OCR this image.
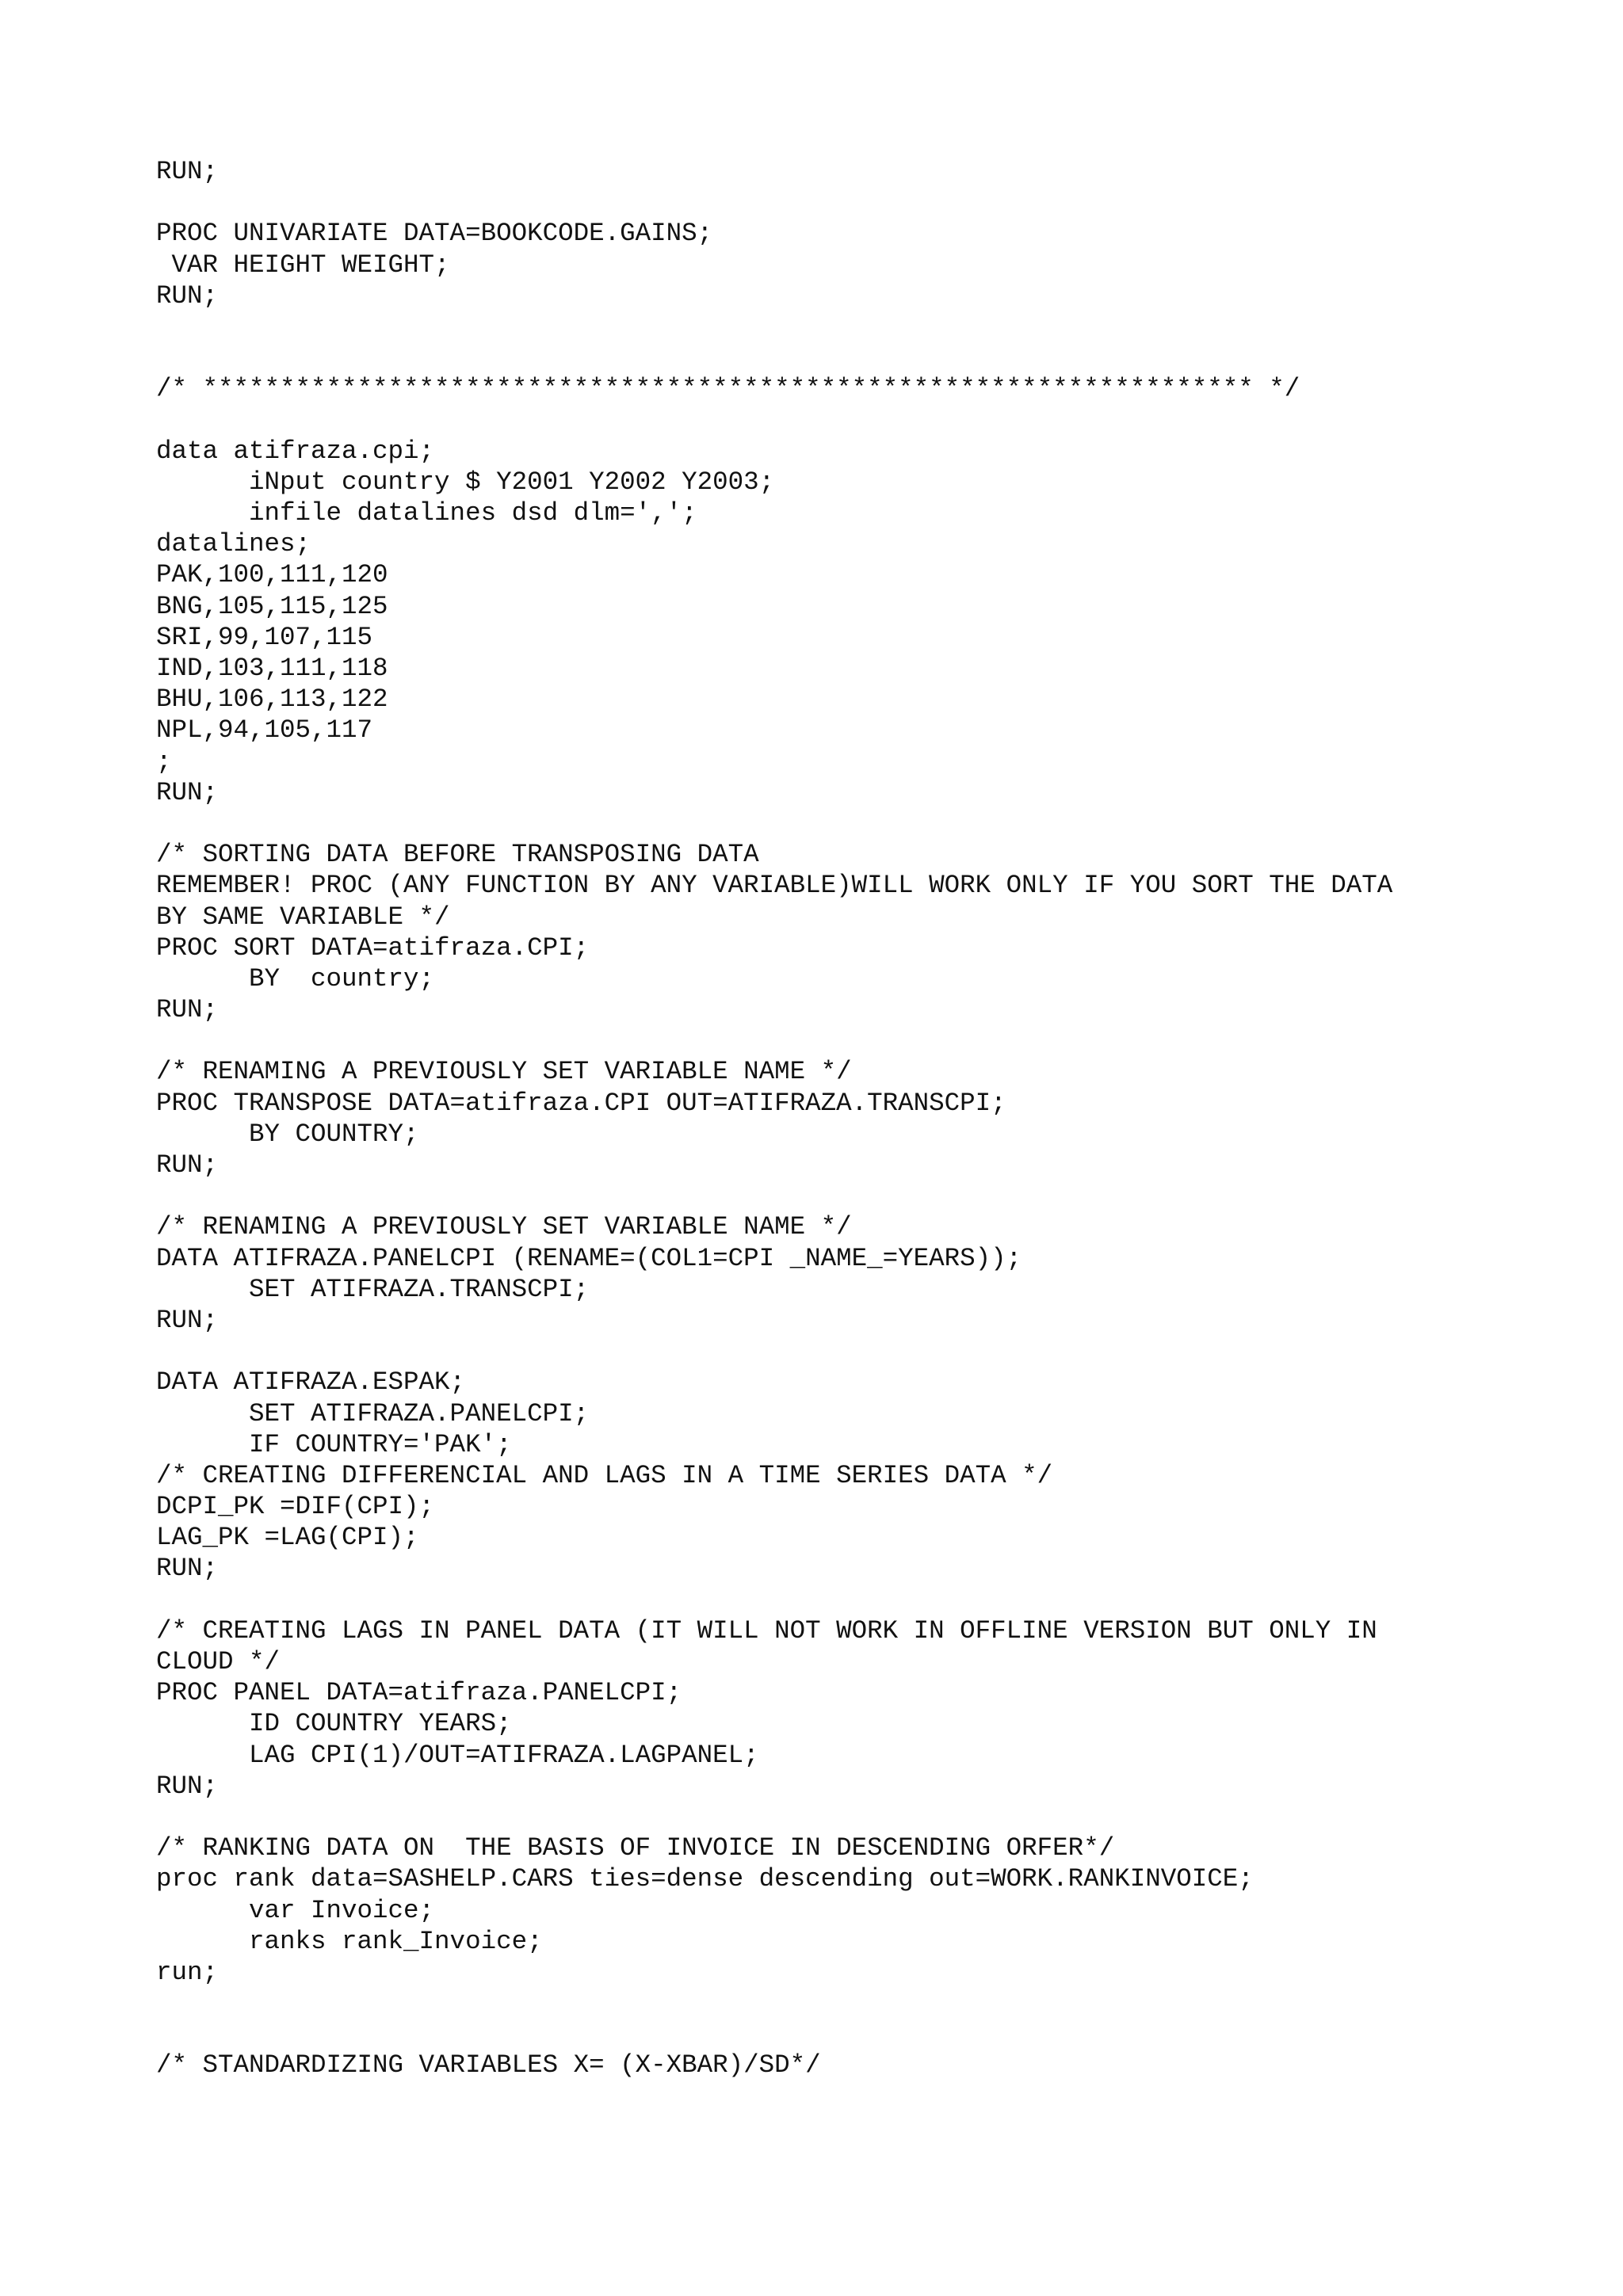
RUN;
PROC UNIVARIATE DATA=BOOKCODE.GAINS;
VAR HEIGHT WEIGHT;
RUN;
/* ******************************************************************** */
data atifraza.cpi;
iNput country $ Y2001 Y2002 Y2003;
infile datalines dsd dlm=',';
datalines;
PAK,100,111,120
BNG,105,115,125
SRI,99,107,115
IND,103,111,118
BHU,106,113,122
NPL,94,105,117
;
RUN;
/* SORTING DATA BEFORE TRANSPOSING DATA
REMEMBER! PROC (ANY FUNCTION BY ANY VARIABLE)WILL WORK ONLY IF YOU SORT THE DATA
BY SAME VARIABLE */
PROC SORT DATA=atifraza.CPI;
BY  country;
RUN;
/* RENAMING A PREVIOUSLY SET VARIABLE NAME */
PROC TRANSPOSE DATA=atifraza.CPI OUT=ATIFRAZA.TRANSCPI;
BY COUNTRY;
RUN;
/* RENAMING A PREVIOUSLY SET VARIABLE NAME */
DATA ATIFRAZA.PANELCPI (RENAME=(COL1=CPI _NAME_=YEARS));
SET ATIFRAZA.TRANSCPI;
RUN;
DATA ATIFRAZA.ESPAK;
SET ATIFRAZA.PANELCPI;
IF COUNTRY='PAK';
/* CREATING DIFFERENCIAL AND LAGS IN A TIME SERIES DATA */
DCPI_PK =DIF(CPI);
LAG_PK =LAG(CPI);
RUN;
/* CREATING LAGS IN PANEL DATA (IT WILL NOT WORK IN OFFLINE VERSION BUT ONLY IN
CLOUD */
PROC PANEL DATA=atifraza.PANELCPI;
ID COUNTRY YEARS;
LAG CPI(1)/OUT=ATIFRAZA.LAGPANEL;
RUN;
/* RANKING DATA ON  THE BASIS OF INVOICE IN DESCENDING ORFER*/
proc rank data=SASHELP.CARS ties=dense descending out=WORK.RANKINVOICE;
var Invoice;
ranks rank_Invoice;
run;
/* STANDARDIZING VARIABLES X= (X-XBAR)/SD*/
